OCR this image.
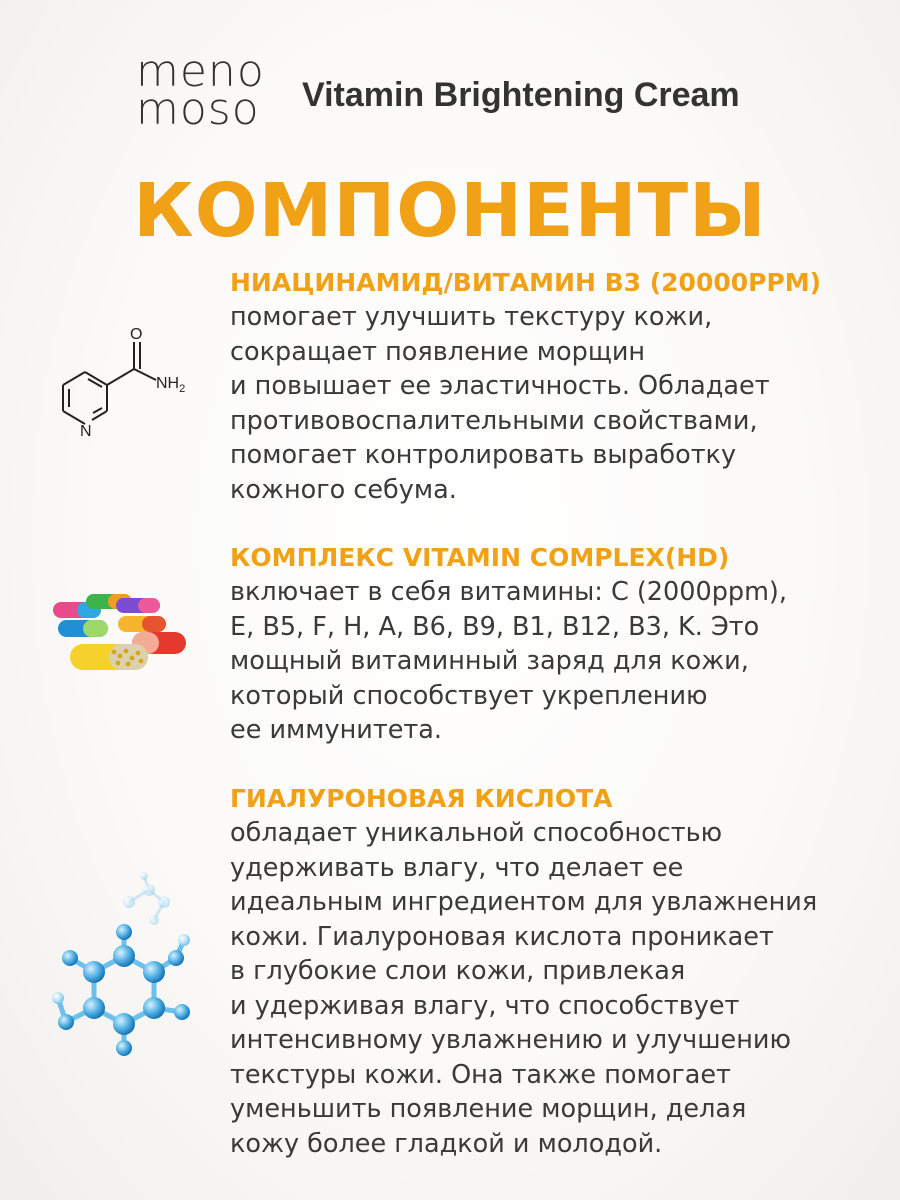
meno
moso Vitamin Brightening Cream
КОМПОНЕНТЫ
O
N
$NH_2$
НИАЦИНАМИД/ВИТАМИН B3 (20000PPM)
помогает улучшить текстуру кожи,
сокращает появление морщин
и повышает ее эластичность. Обладает
противовоспалительными свойствами,
помогает контролировать выработку
кожного себума.
КОМПЛЕКС VITAMIN COMPLEX(HD)
включает в себя витамины: C (2000ppm),
E, B5, F, H, A, B6, B9, B1, B12, B3, K. Это
мощный витаминный заряд для кожи,
который способствует укреплению
ее иммунитета.
ГИАЛУРОНОВАЯ КИСЛОТА
обладает уникальной способностью
удерживать влагу, что делает ее
идеальным ингредиентом для увлажнения
кожи. Гиалуроновая кислота проникает
в глубокие слои кожи, привлекая
и удерживая влагу, что способствует
интенсивному увлажнению и улучшению
текстуры кожи. Она также помогает
уменьшить появление морщин, делая
кожу более гладкой и молодой.
